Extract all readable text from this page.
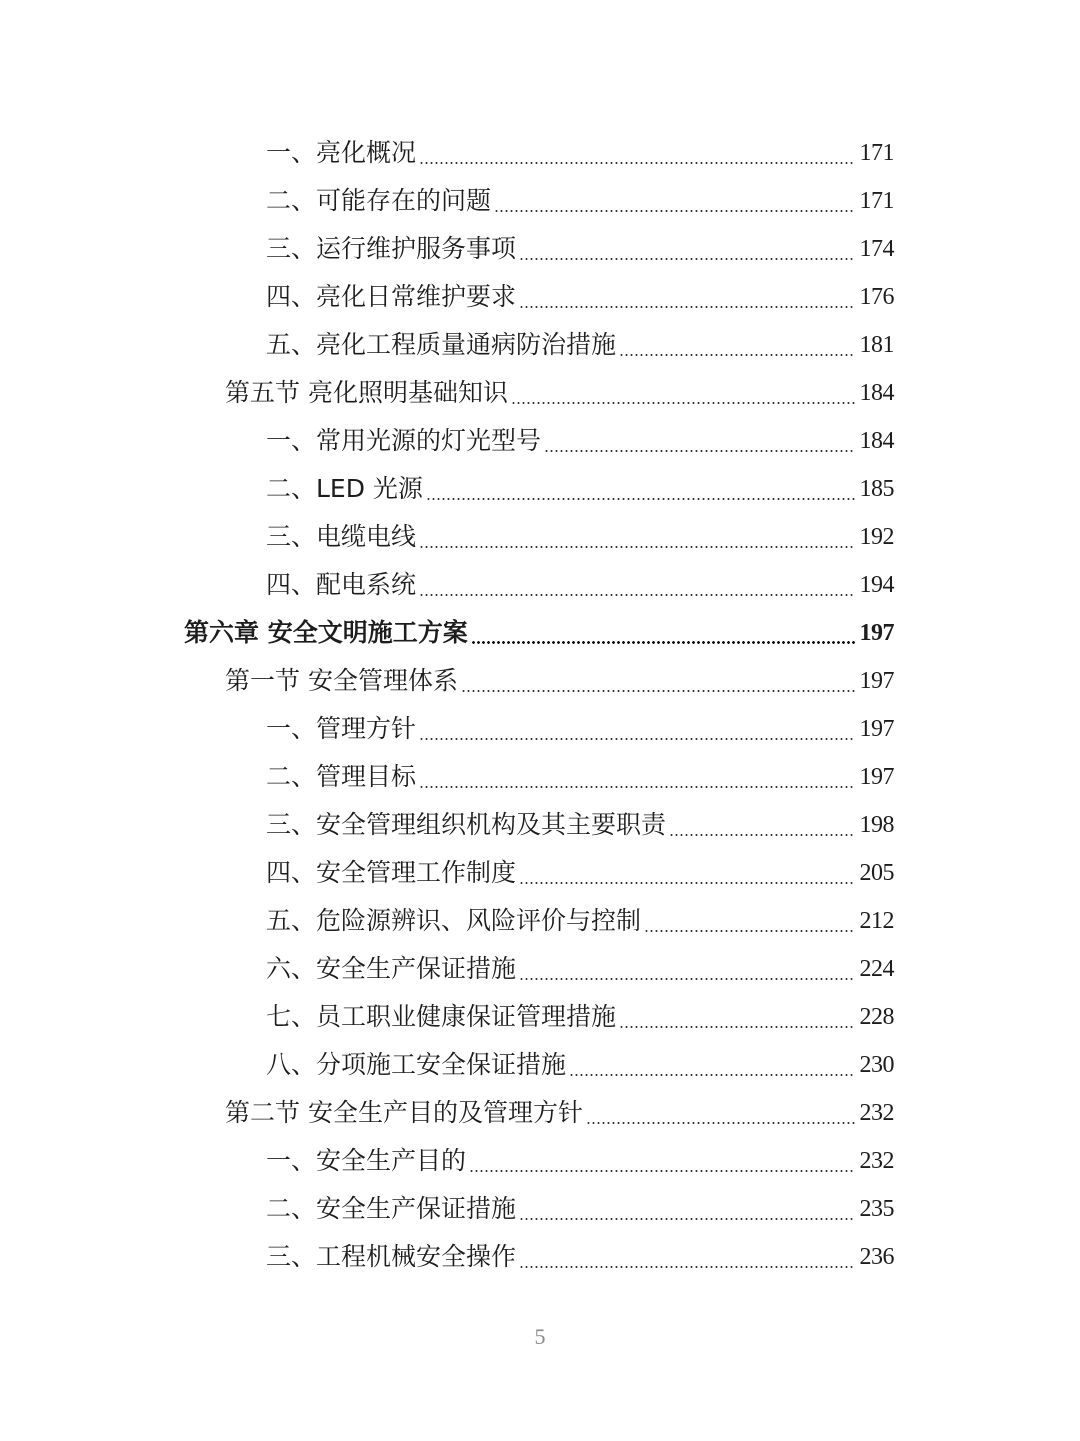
一、亮化概况	171
二、可能存在的问题	171
三、运行维护服务事项	174
四、亮化日常维护要求	176
五、亮化工程质量通病防治措施	181
第五节 亮化照明基础知识	184
一、常用光源的灯光型号	184
二、LED 光源	185
三、电缆电线	192
四、配电系统	194
第六章 安全文明施工方案	197
第一节 安全管理体系	197
一、管理方针	197
二、管理目标	197
三、安全管理组织机构及其主要职责	198
四、安全管理工作制度	205
五、危险源辨识、风险评价与控制	212
六、安全生产保证措施	224
七、员工职业健康保证管理措施	228
八、分项施工安全保证措施	230
第二节 安全生产目的及管理方针	232
一、安全生产目的	232
二、安全生产保证措施	235
三、工程机械安全操作	236
5
